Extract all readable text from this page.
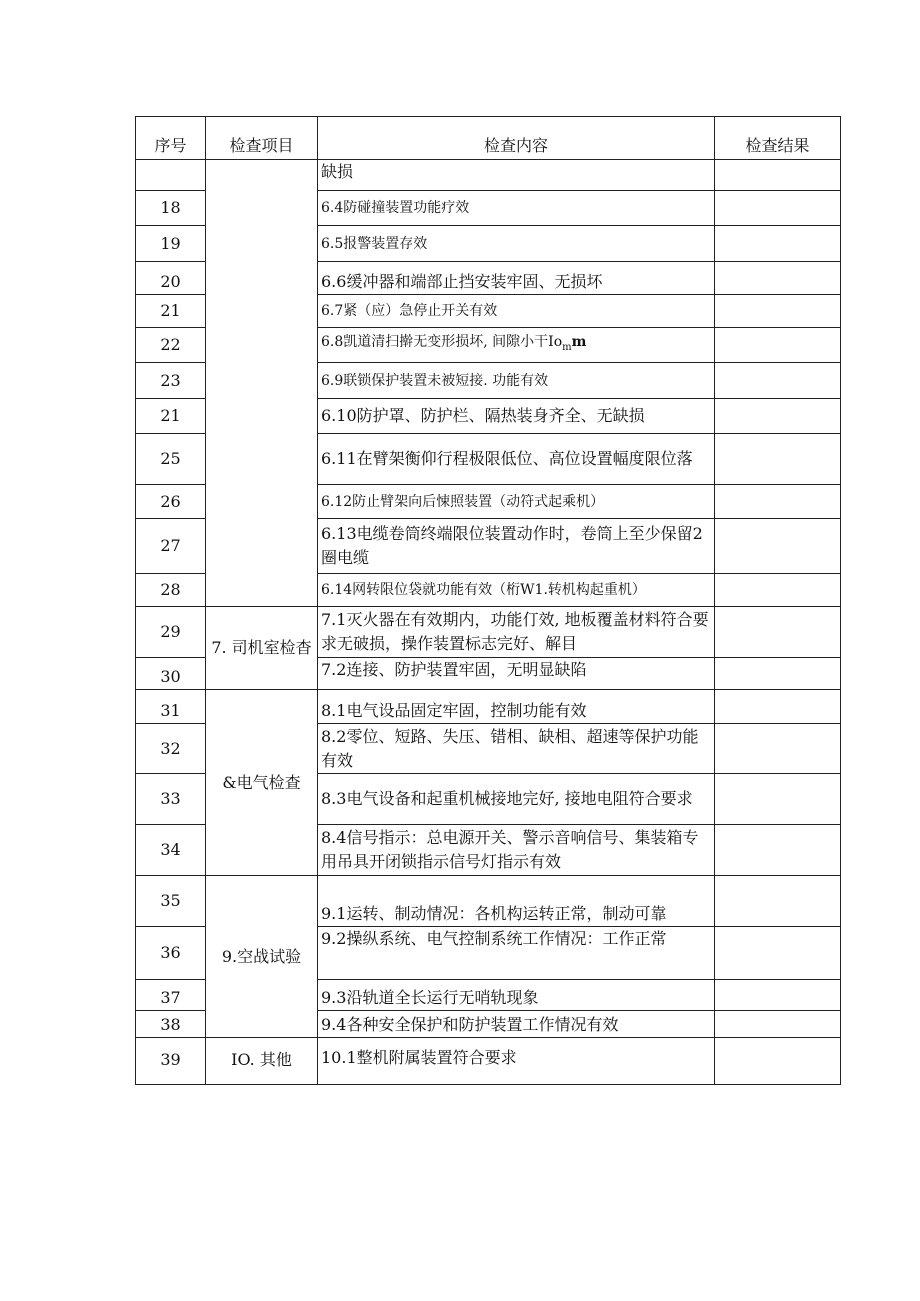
序号	检查项目	检查内容	检查结果
		缺损	
18		6.4防碰撞装置功能疗效	
19		6.5报警装置存效	
20		6.6缓冲器和端部止挡安装牢固、无损坏	
21		6.7紧（应）急停止开关有效	
22		6.8凯道清扫擀无变形损坏, 间隙小干$Io_mm$	
23		6.9联锁保护装置未被短接. 功能有效	
21		6.10防护罩、防护栏、隔热装身齐全、无缺损	
25		6.11在臂架衡仰行程极限低位、高位设置幅度限位落	
26		6.12防止臂架向后悚照装置（动符式起乘机）	
27		6.13电缆卷筒终端限位装置动作时，卷筒上至少保留2圈电缆	
28		6.14网转限位袋就功能有效（桁W1.转机构起重机）	
29	7. 司机室检杳	7.1灭火器在有效期内，功能仃效, 地板覆盖材料符合要求无破损，操作装置标志完好、解目	
30		7.2连接、防护装置牢固，无明显缺陷	
31	&电气检查	8.1电气设品固定牢固，控制功能有效	
32		8.2零位、短路、失压、错相、缺相、超速等保护功能有效	
33		8.3电气设备和起重机械接地完好, 接地电阻符合要求	
34		8.4信号指示：总电源开关、警示音响信号、集装箱专用吊具开闭锁指示信号灯指示有效	
35	9.空战试验	9.1运转、制动情况：各机构运转正常，制动可靠	
36		9.2操纵系统、电气控制系统工作情况：工作正常	
37		9.3沿轨道全长运行无哨轨现象	
38		9.4各种安全保护和防护装置工作情况有效	
39	IO. 其他	10.1整机附属装置符合要求	
